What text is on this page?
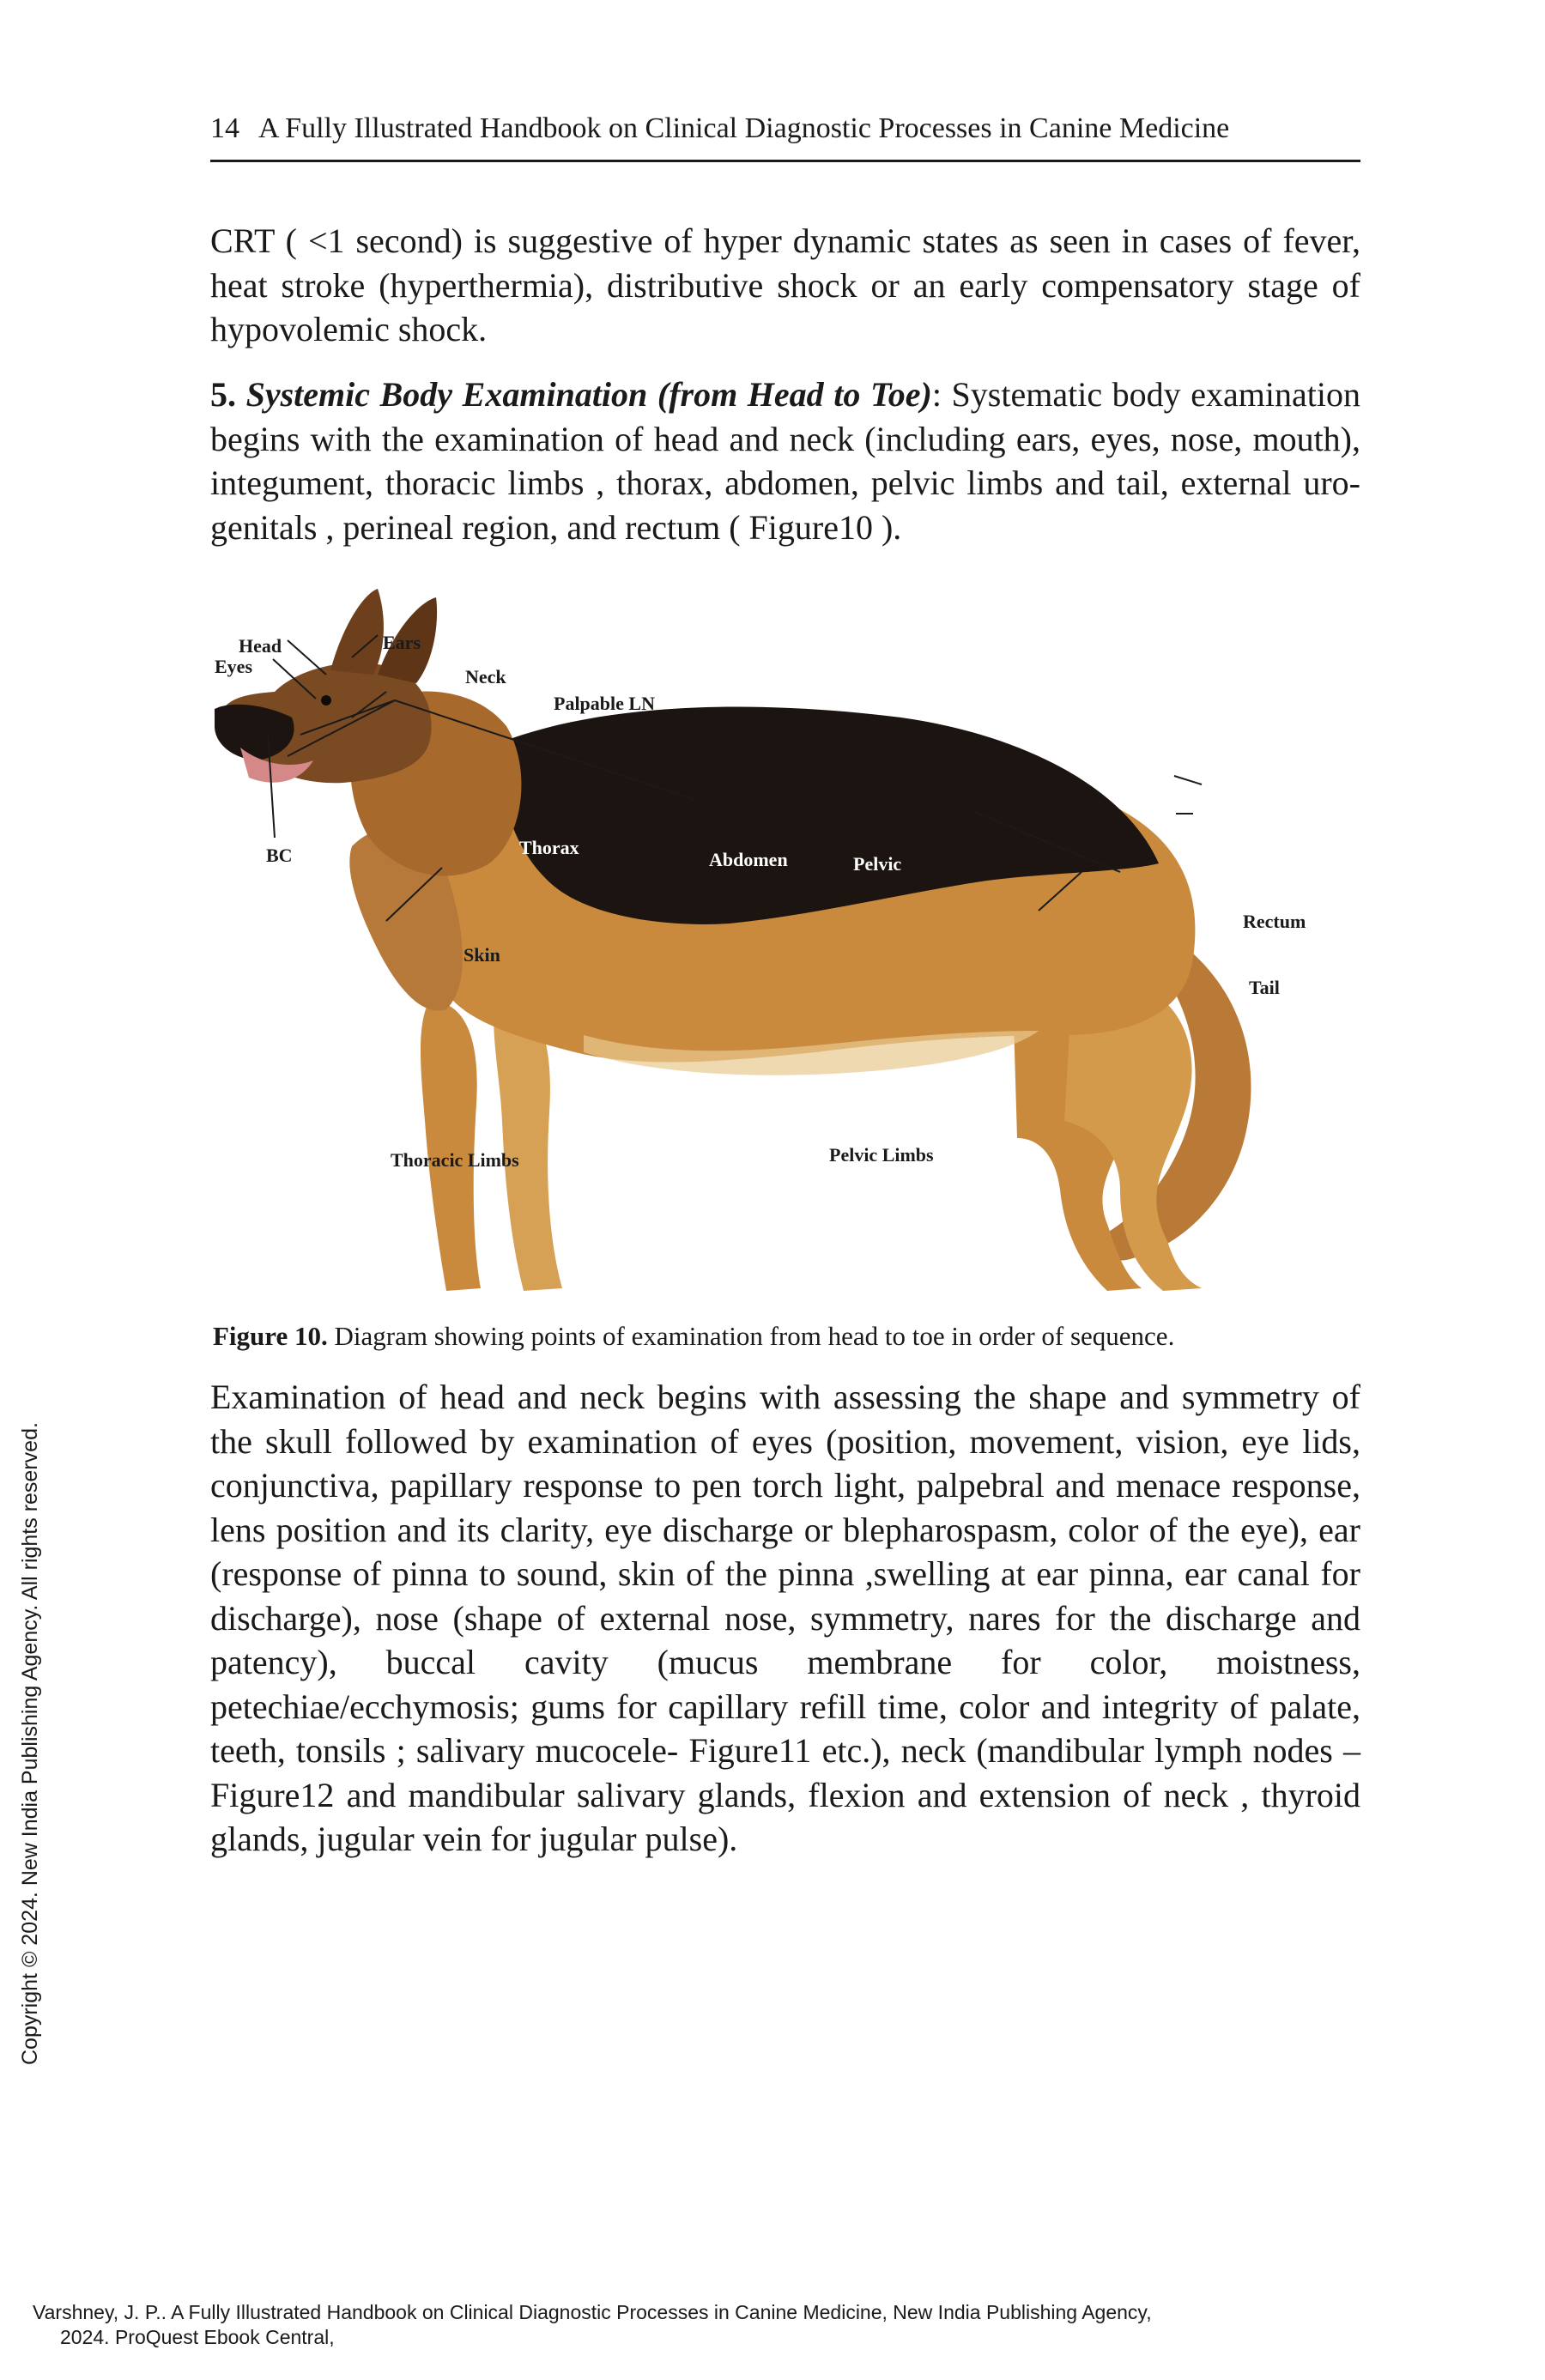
14 A Fully Illustrated Handbook on Clinical Diagnostic Processes in Canine Medicine

CRT ( <1 second) is suggestive of hyper dynamic states as seen in cases of fever, heat stroke (hyperthermia), distributive shock or an early compensatory stage of hypovolemic shock.

5. Systemic Body Examination (from Head to Toe): Systematic body examination begins with the examination of head and neck (including ears, eyes, nose, mouth), integument, thoracic limbs , thorax, abdomen, pelvic limbs and tail, external uro-genitals , perineal region, and rectum ( Figure10 ).

Head
Eyes
Ears
Neck
Palpable LN
BC	Thorax
Abdomen	Pelvic
Rectum
Tail
Skin
Thoracic Limbs	Pelvic Limbs
Figure 10. Diagram showing points of examination from head to toe in order of sequence.

Examination of head and neck begins with assessing the shape and symmetry of the skull followed by examination of eyes (position, movement, vision, eye lids, conjunctiva, papillary response to pen torch light, palpebral and menace response, lens position and its clarity, eye discharge or blepharospasm, color of the eye), ear (response of pinna to sound, skin of the pinna ,swelling at ear pinna, ear canal for discharge), nose (shape of external nose, symmetry, nares for the discharge and patency), buccal cavity (mucus membrane for color, moistness, petechiae/ecchymosis; gums for capillary refill time, color and integrity of palate, teeth, tonsils ; salivary mucocele- Figure11 etc.), neck (mandibular lymph nodes –Figure12 and mandibular salivary glands, flexion and extension of neck , thyroid glands, jugular vein for jugular pulse).

Copyright © 2024. New India Publishing Agency. All rights reserved.
Varshney, J. P.. A Fully Illustrated Handbook on Clinical Diagnostic Processes in Canine Medicine, New India Publishing Agency,
2024. ProQuest Ebook Central,
